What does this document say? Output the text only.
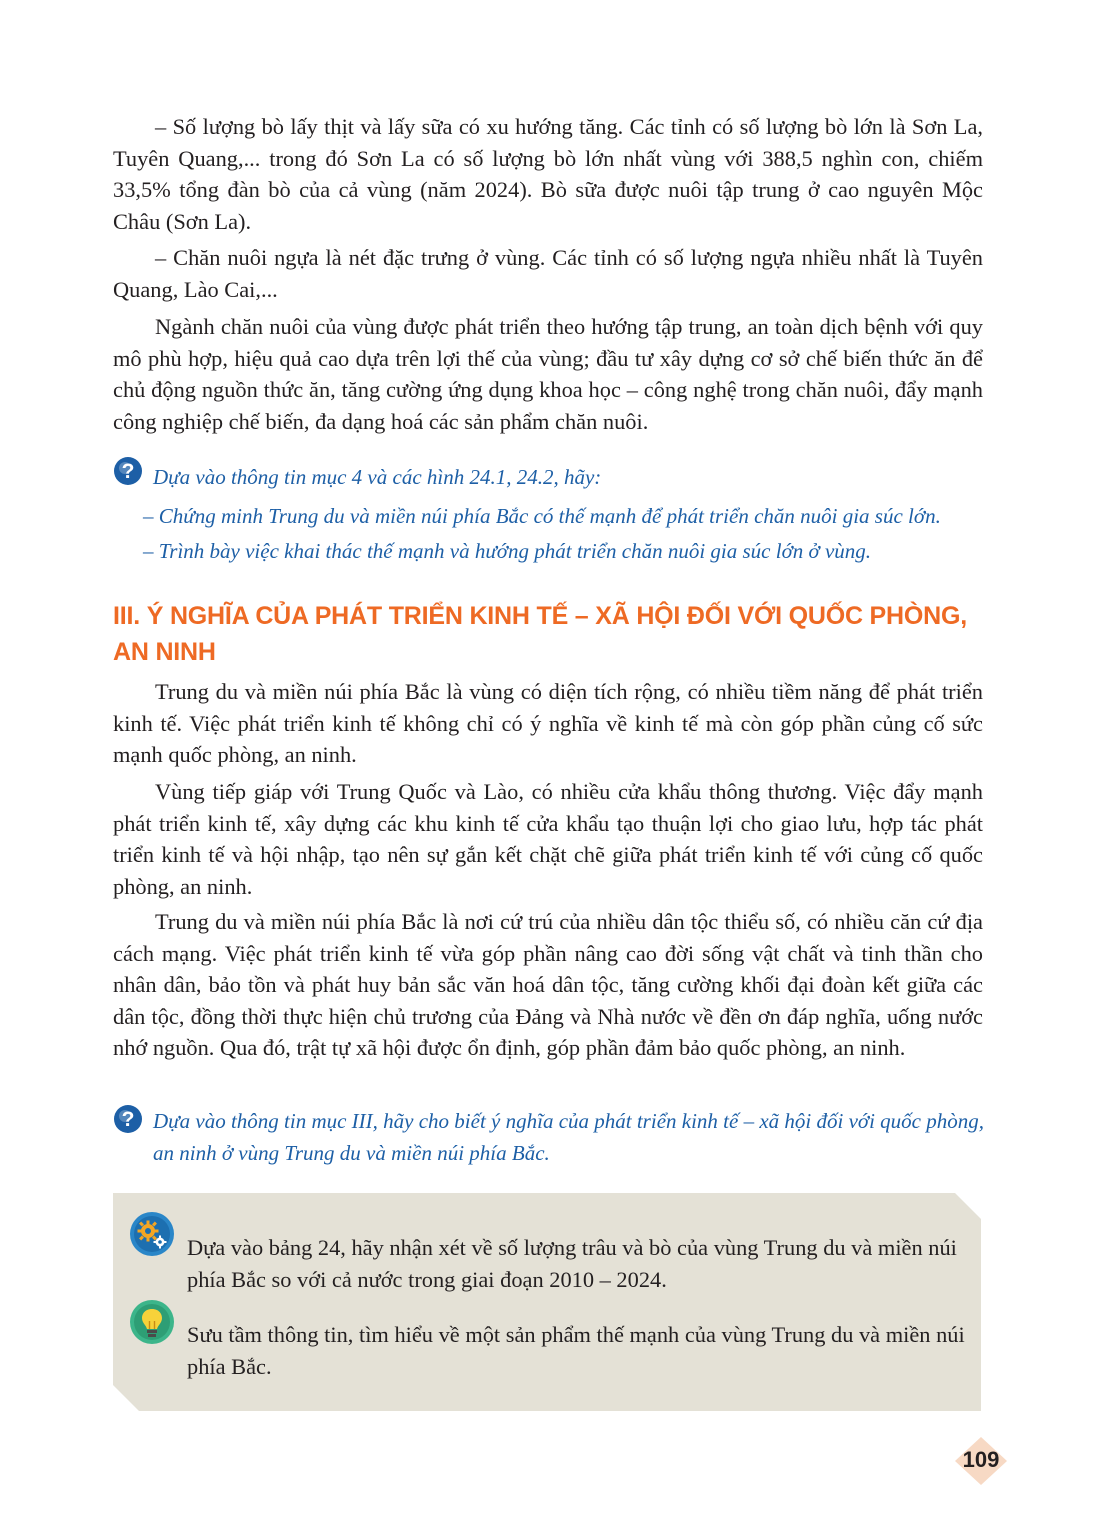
– Số lượng bò lấy thịt và lấy sữa có xu hướng tăng. Các tỉnh có số lượng bò lớn là Sơn La, Tuyên Quang,... trong đó Sơn La có số lượng bò lớn nhất vùng với 388,5 nghìn con, chiếm 33,5% tổng đàn bò của cả vùng (năm 2024). Bò sữa được nuôi tập trung ở cao nguyên Mộc Châu (Sơn La).

– Chăn nuôi ngựa là nét đặc trưng ở vùng. Các tỉnh có số lượng ngựa nhiều nhất là Tuyên Quang, Lào Cai,...

Ngành chăn nuôi của vùng được phát triển theo hướng tập trung, an toàn dịch bệnh với quy mô phù hợp, hiệu quả cao dựa trên lợi thế của vùng; đầu tư xây dựng cơ sở chế biến thức ăn để chủ động nguồn thức ăn, tăng cường ứng dụng khoa học – công nghệ trong chăn nuôi, đẩy mạnh công nghiệp chế biến, đa dạng hoá các sản phẩm chăn nuôi.

? Dựa vào thông tin mục 4 và các hình 24.1, 24.2, hãy:

– Chứng minh Trung du và miền núi phía Bắc có thế mạnh để phát triển chăn nuôi gia súc lớn.

– Trình bày việc khai thác thế mạnh và hướng phát triển chăn nuôi gia súc lớn ở vùng.

III. Ý NGHĨA CỦA PHÁT TRIỂN KINH TẾ – XÃ HỘI ĐỐI VỚI QUỐC PHÒNG, AN NINH

Trung du và miền núi phía Bắc là vùng có diện tích rộng, có nhiều tiềm năng để phát triển kinh tế. Việc phát triển kinh tế không chỉ có ý nghĩa về kinh tế mà còn góp phần củng cố sức mạnh quốc phòng, an ninh.

Vùng tiếp giáp với Trung Quốc và Lào, có nhiều cửa khẩu thông thương. Việc đẩy mạnh phát triển kinh tế, xây dựng các khu kinh tế cửa khẩu tạo thuận lợi cho giao lưu, hợp tác phát triển kinh tế và hội nhập, tạo nên sự gắn kết chặt chẽ giữa phát triển kinh tế với củng cố quốc phòng, an ninh.

Trung du và miền núi phía Bắc là nơi cứ trú của nhiều dân tộc thiểu số, có nhiều căn cứ địa cách mạng. Việc phát triển kinh tế vừa góp phần nâng cao đời sống vật chất và tinh thần cho nhân dân, bảo tồn và phát huy bản sắc văn hoá dân tộc, tăng cường khối đại đoàn kết giữa các dân tộc, đồng thời thực hiện chủ trương của Đảng và Nhà nước về đền ơn đáp nghĩa, uống nước nhớ nguồn. Qua đó, trật tự xã hội được ổn định, góp phần đảm bảo quốc phòng, an ninh.

? Dựa vào thông tin mục III, hãy cho biết ý nghĩa của phát triển kinh tế – xã hội đối với quốc phòng, an ninh ở vùng Trung du và miền núi phía Bắc.

Dựa vào bảng 24, hãy nhận xét về số lượng trâu và bò của vùng Trung du và miền núi phía Bắc so với cả nước trong giai đoạn 2010 – 2024.

Sưu tầm thông tin, tìm hiểu về một sản phẩm thế mạnh của vùng Trung du và miền núi phía Bắc.

109
